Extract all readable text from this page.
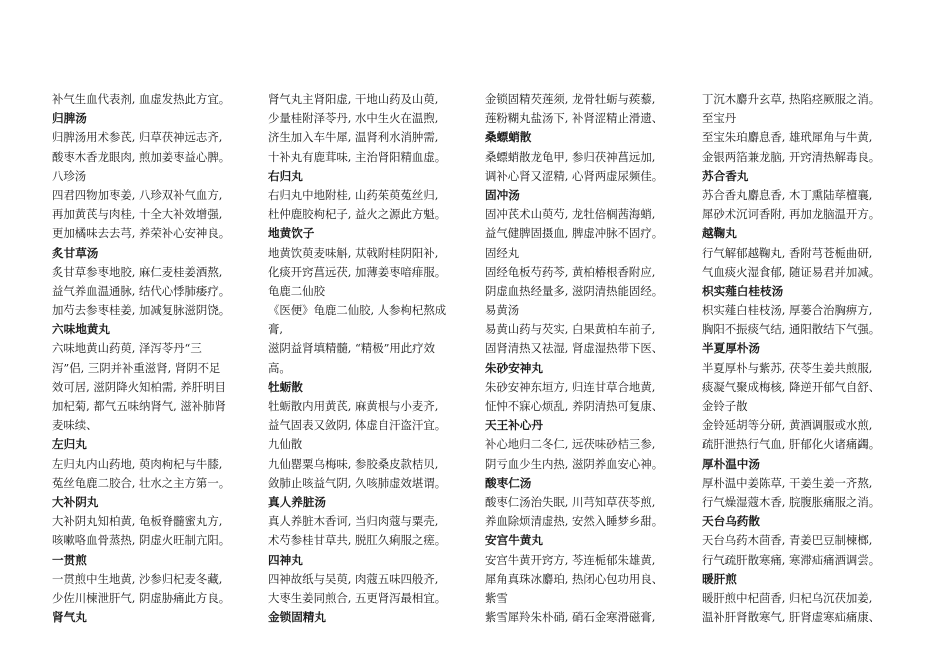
补气生血代表剂, 血虚发热此方宜。
归脾汤
归脾汤用术参芪, 归草茯神远志齐,
酸枣木香龙眼肉, 煎加姜枣益心脾。
八珍汤
四君四物加枣姜, 八珍双补气血方,
再加黄芪与肉桂, 十全大补效增强,
更加橘味去去芎, 养荣补心安神良。
炙甘草汤
炙甘草参枣地胶, 麻仁麦桂姜酒熬,
益气养血温通脉, 结代心悸肺痿疗。
加芍去参枣桂姜, 加减复脉滋阴饶。
六味地黄丸
六味地黄山药萸, 泽泻苓丹“三
泻”侣, 三阴并补重滋肾, 肾阴不足
效可居, 滋阴降火知柏需, 养肝明目
加杞菊, 都气五味纳肾气, 滋补肺肾
麦味续、
左归丸
左归丸内山药地, 萸肉枸杞与牛膝,
菟丝龟鹿二胶合, 壮水之主方第一。
大补阴丸
大补阴丸知柏黄, 龟板脊髓蜜丸方,
咳嗽咯血骨蒸热, 阴虚火旺制亢阳。
一贯煎
一贯煎中生地黄, 沙参归杞麦冬藏,
少佐川楝泄肝气, 阴虚胁痛此方良。
肾气丸
肾气丸主肾阳虚, 干地山药及山萸,
少量桂附泽苓丹, 水中生火在温煦,
济生加入车牛犀, 温肾利水消肿需,
十补丸有鹿茸味, 主治肾阳精血虚。
右归丸
右归丸中地附桂, 山药茱萸菟丝归,
杜仲鹿胶枸杞子, 益火之源此方魁。
地黄饮子
地黄饮萸麦味斛, 苁戟附桂阴阳补,
化痰开窍菖远茯, 加薄姜枣喑痱服。
龟鹿二仙胶
《医便》龟鹿二仙胶, 人参枸杞熬成
膏,
滋阴益肾填精髓, “精极”用此疗效
高。
牡蛎散
牡蛎散内用黄芪, 麻黄根与小麦齐,
益气固表又敛阴, 体虚自汗盗汗宜。
九仙散
九仙罂粟乌梅味, 参胶桑皮款桔贝,
敛肺止咳益气阴, 久咳肺虚效堪谓。
真人养脏汤
真人养脏木香诃, 当归肉蔻与粟壳,
术芍参桂甘草共, 脱肛久痢服之瘥。
四神丸
四神故纸与吴萸, 肉蔻五味四般齐,
大枣生姜同煎合, 五更肾泻最相宜。
金锁固精丸
金锁固精芡莲须, 龙骨牡蛎与蒺藜,
莲粉糊丸盐汤下, 补肾涩精止滑遗、
桑螵蛸散
桑螵蛸散龙龟甲, 参归茯神菖远加,
调补心肾又涩精, 心肾两虚尿频佳。
固冲汤
固冲芪术山萸芍, 龙牡倍榈茜海蛸,
益气健脾固摄血, 脾虚冲脉不固疗。
固经丸
固经龟板芍药芩, 黄柏椿根香附应,
阴虚血热经量多, 滋阴清热能固经。
易黄汤
易黄山药与芡实, 白果黄柏车前子,
固肾清热又祛湿, 肾虚湿热带下医、
朱砂安神丸
朱砂安神东垣方, 归连甘草合地黄,
怔忡不寐心烦乱, 养阴清热可复康、
天王补心丹
补心地归二冬仁, 远茯味砂桔三参,
阴亏血少生内热, 滋阴养血安心神。
酸枣仁汤
酸枣仁汤治失眠, 川芎知草茯苓煎,
养血除烦清虚热, 安然入睡梦乡甜。
安宫牛黄丸
安宫牛黄开窍方, 芩连栀郁朱雄黄,
犀角真珠冰麝珀, 热闭心包功用良、
紫雪
紫雪犀羚朱朴硝, 硝石金寒滑磁膏,
丁沉木麝升玄草, 热陷痉厥服之消。
至宝丹
至宝朱珀麝息香, 雄玳犀角与牛黄,
金银两箔兼龙脑, 开窍清热解毒良。
苏合香丸
苏合香丸麝息香, 木丁熏陆荜檀襄,
犀砂术沉诃香附, 再加龙脑温开方。
越鞠丸
行气解郁越鞠丸, 香附芎苍栀曲研,
气血痰火湿食郁, 随证易君并加减。
枳实薤白桂枝汤
枳实薤白桂枝汤, 厚蒌合治胸痹方,
胸阳不振痰气结, 通阳散结下气强。
半夏厚朴汤
半夏厚朴与紫苏, 茯苓生姜共煎服,
痰凝气聚成梅核, 降逆开郁气自舒、
金铃子散
金铃延胡等分研, 黄酒调服或水煎,
疏肝泄热行气血, 肝郁化火诸痛蠲。
厚朴温中汤
厚朴温中姜陈草, 干姜生姜一齐熬,
行气燥湿蔻木香, 脘腹胀痛服之消。
天台乌药散
天台乌药木茴香, 青姜巴豆制楝榔,
行气疏肝散寒痛, 寒滞疝痛酒调尝。
暖肝煎
暖肝煎中杞茴香, 归杞乌沉茯加姜,
温补肝肾散寒气, 肝肾虚寒疝痛康、
